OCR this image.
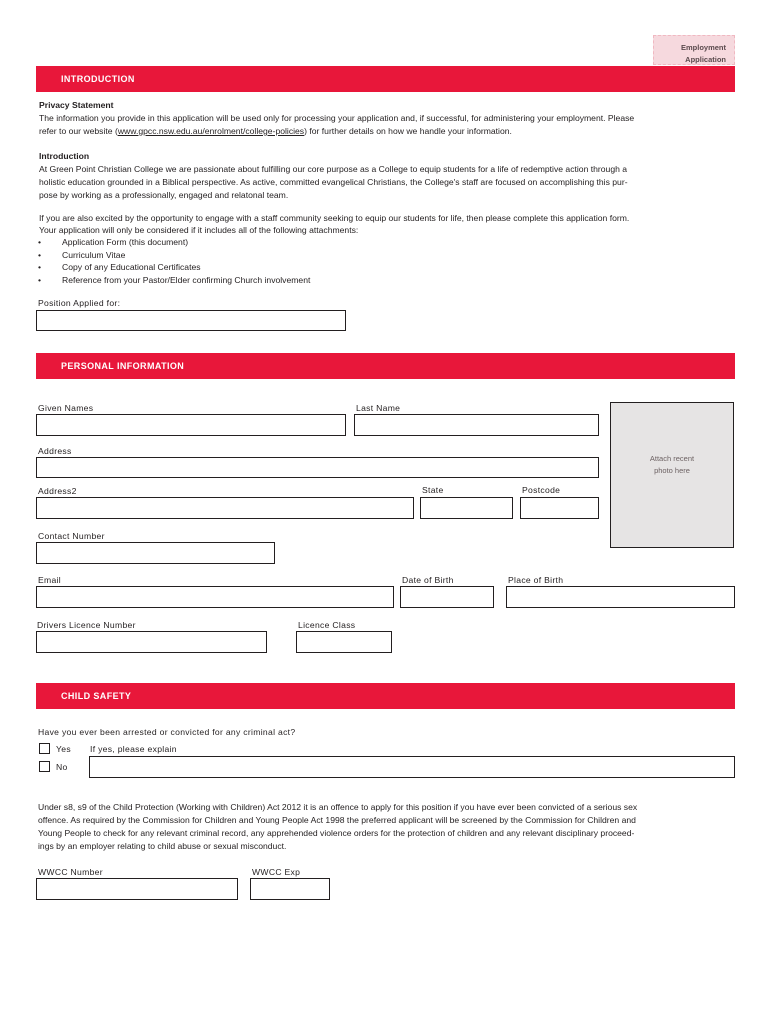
Employment
Application
INTRODUCTION
Privacy Statement
The information you provide in this application will be used only for processing your application and, if successful, for administering your employment. Please
refer to our website (www.gpcc.nsw.edu.au/enrolment/college-policies) for further details on how we handle your information.
Introduction
At Green Point Christian College we are passionate about fulfilling our core purpose as a College to equip students for a life of redemptive action through a
holistic education grounded in a Biblical perspective. As active, committed evangelical Christians, the College's staff are focused on accomplishing this pur-
pose by working as a professionally, engaged and relatonal team.
If you are also excited by the opportunity to engage with a staff community seeking to equip our students for life, then please complete this application form.
Your application will only be considered if it includes all of the following attachments:
• Application Form (this document)
• Curriculum Vitae
• Copy of any Educational Certificates
• Reference from your Pastor/Elder confirming Church involvement
Position Applied for:
PERSONAL INFORMATION
Given Names	Last Name
Attach recent
photo here
Address
Address2	State	Postcode
Contact Number
Email	Date of Birth	Place of Birth
Drivers Licence Number	Licence Class
CHILD SAFETY
Have you ever been arrested or convicted for any criminal act?
Yes If yes, please explain
No
Under s8, s9 of the Child Protection (Working with Children) Act 2012 it is an offence to apply for this position if you have ever been convicted of a serious sex
offence. As required by the Commission for Children and Young People Act 1998 the preferred applicant will be screened by the Commission for Children and
Young People to check for any relevant criminal record, any apprehended violence orders for the protection of children and any relevant disciplinary proceed-
ings by an employer relating to child abuse or sexual misconduct.
WWCC Number	WWCC Exp
